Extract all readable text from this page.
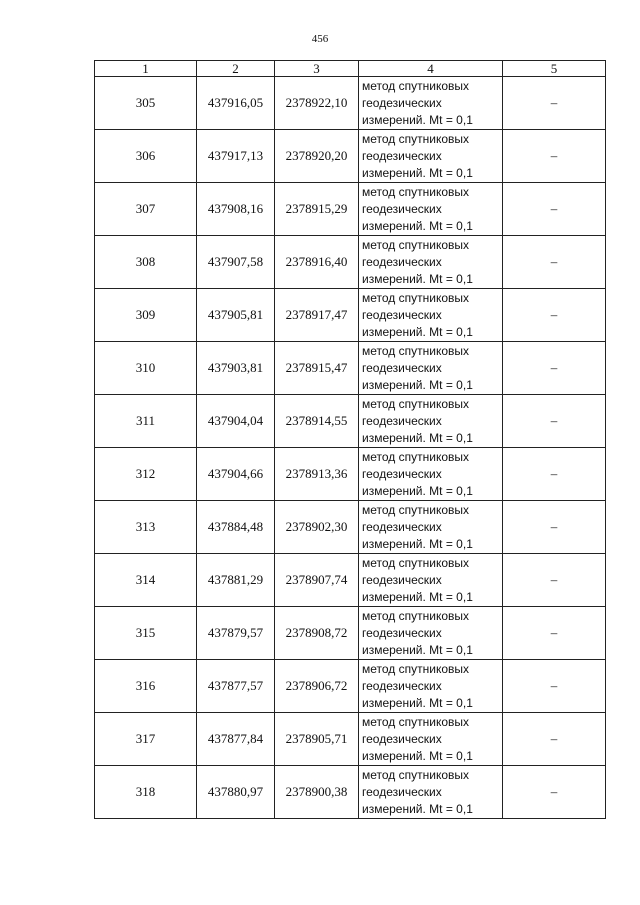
456
1	2	3	4	5
305	437916,05	2378922,10	метод спутниковых
геодезических
измерений. Mt = 0,1	–
306	437917,13	2378920,20	метод спутниковых
геодезических
измерений. Mt = 0,1	–
307	437908,16	2378915,29	метод спутниковых
геодезических
измерений. Mt = 0,1	–
308	437907,58	2378916,40	метод спутниковых
геодезических
измерений. Mt = 0,1	–
309	437905,81	2378917,47	метод спутниковых
геодезических
измерений. Mt = 0,1	–
310	437903,81	2378915,47	метод спутниковых
геодезических
измерений. Mt = 0,1	–
311	437904,04	2378914,55	метод спутниковых
геодезических
измерений. Mt = 0,1	–
312	437904,66	2378913,36	метод спутниковых
геодезических
измерений. Mt = 0,1	–
313	437884,48	2378902,30	метод спутниковых
геодезических
измерений. Mt = 0,1	–
314	437881,29	2378907,74	метод спутниковых
геодезических
измерений. Mt = 0,1	–
315	437879,57	2378908,72	метод спутниковых
геодезических
измерений. Mt = 0,1	–
316	437877,57	2378906,72	метод спутниковых
геодезических
измерений. Mt = 0,1	–
317	437877,84	2378905,71	метод спутниковых
геодезических
измерений. Mt = 0,1	–
318	437880,97	2378900,38	метод спутниковых
геодезических
измерений. Mt = 0,1	–
